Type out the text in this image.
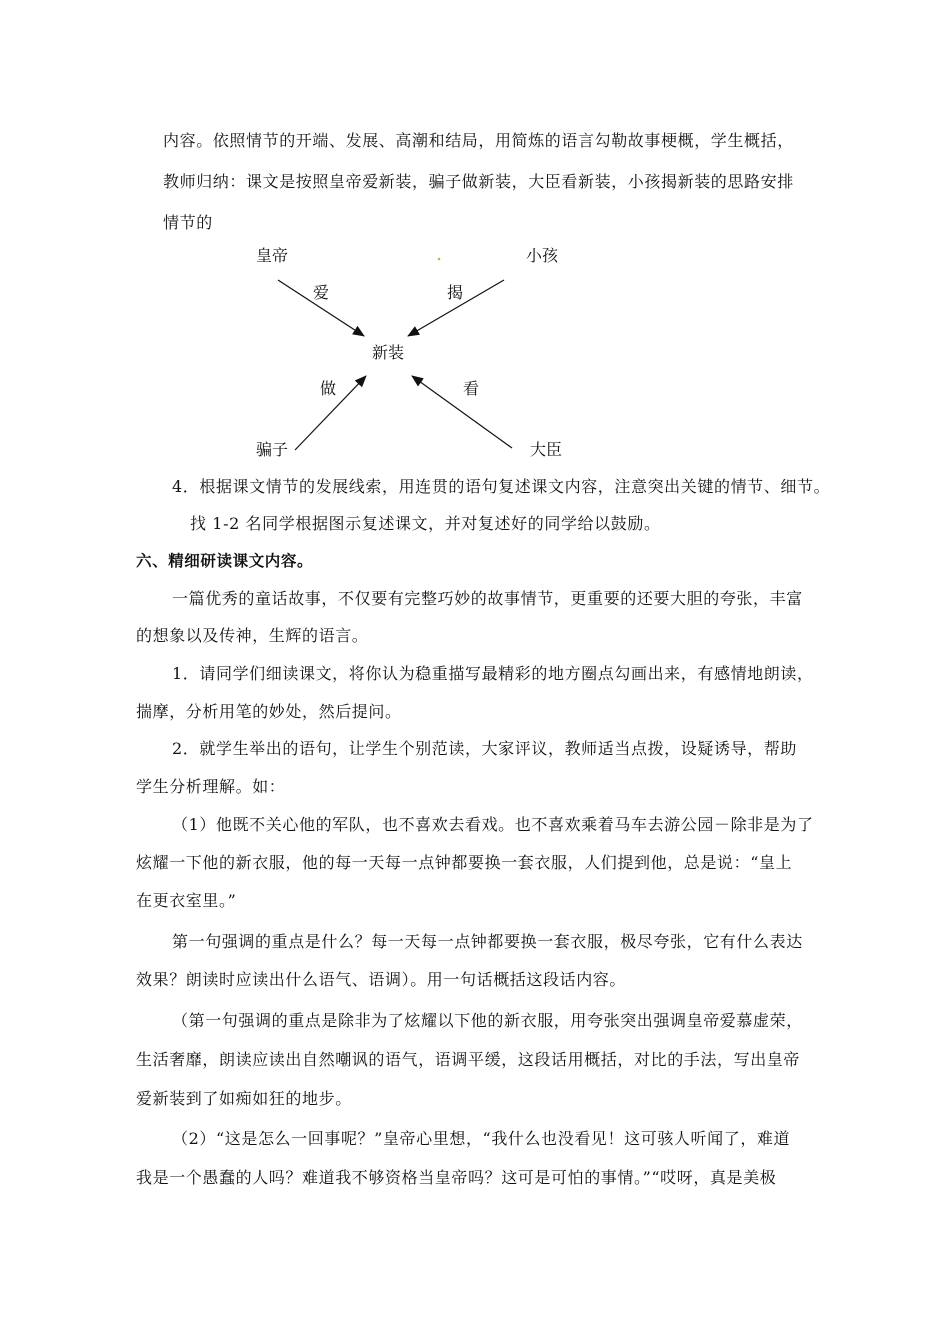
内容。依照情节的开端、发展、高潮和结局，用简炼的语言勾勒故事梗概，学生概括，
教师归纳：课文是按照皇帝爱新装，骗子做新装，大臣看新装，小孩揭新装的思路安排
情节的
皇帝	小孩
爱	揭
新装
做	看
骗子	大臣
4．根据课文情节的发展线索，用连贯的语句复述课文内容，注意突出关键的情节、细节。
找 1-2 名同学根据图示复述课文，并对复述好的同学给以鼓励。
六、精细研读课文内容。
一篇优秀的童话故事，不仅要有完整巧妙的故事情节，更重要的还要大胆的夸张，丰富
的想象以及传神，生辉的语言。
1．请同学们细读课文，将你认为稳重描写最精彩的地方圈点勾画出来，有感情地朗读，
揣摩，分析用笔的妙处，然后提问。
2．就学生举出的语句，让学生个别范读，大家评议，教师适当点拨，设疑诱导，帮助
学生分析理解。如：
（1）他既不关心他的军队，也不喜欢去看戏。也不喜欢乘着马车去游公园－除非是为了
炫耀一下他的新衣服，他的每一天每一点钟都要换一套衣服，人们提到他，总是说：“皇上
在更衣室里。”
第一句强调的重点是什么？每一天每一点钟都要换一套衣服，极尽夸张，它有什么表达
效果？朗读时应读出什么语气、语调）。用一句话概括这段话内容。
（第一句强调的重点是除非为了炫耀以下他的新衣服，用夸张突出强调皇帝爱慕虚荣，
生活奢靡，朗读应读出自然嘲讽的语气，语调平缓，这段话用概括，对比的手法，写出皇帝
爱新装到了如痴如狂的地步。
（2）“这是怎么一回事呢？”皇帝心里想，“我什么也没看见！这可骇人听闻了，难道
我是一个愚蠢的人吗？难道我不够资格当皇帝吗？这可是可怕的事情。”“哎呀，真是美极
